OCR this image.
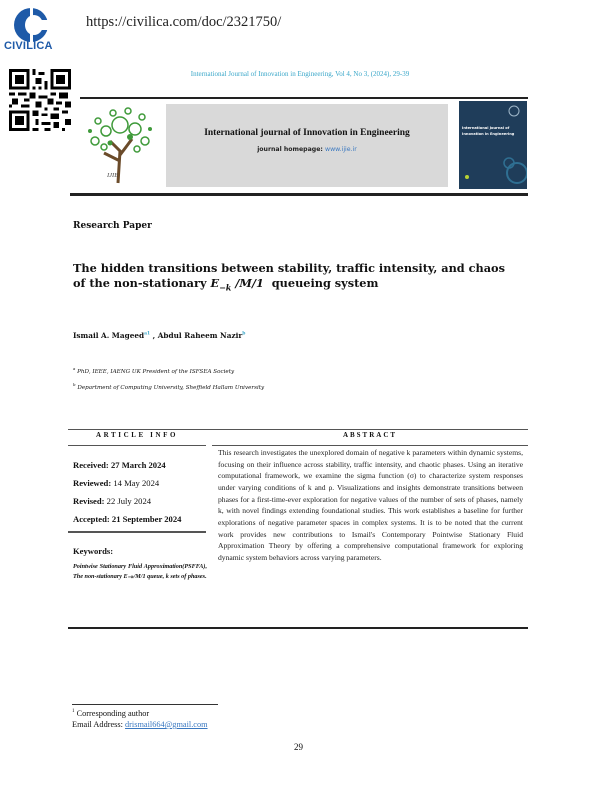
CIVILICA
https://civilica.com/doc/2321750/
International Journal of Innovation in Engineering, Vol 4, No 3, (2024), 29-39
IJIE
International journal of Innovation in Engineering
journal homepage: www.ijie.ir
International Journal of Innovation in Engineering
Research Paper
The hidden transitions between stability, traffic intensity, and chaos
of the non-stationary $E_{-k}$ /M/1  queueing system
Ismail A. Mageed$^{a1}$ , Abdul Raheem Nazir$^b$
$^a$ PhD, IEEE, IAENG UK President of the ISFSEA Society
$^b$ Department of Computing University, Sheffield Hallam University
ARTICLE INFO	ABSTRACT
Received: 27 March 2024
Reviewed: 14 May 2024
Revised: 22 July 2024
Accepted: 21 September 2024
Keywords:
Pointwise Stationary Fluid Approximation(PSFFA), The non-stationary E₋ₖ/M/1 queue, k sets of phases.
This research investigates the unexplored domain of negative k parameters within dynamic systems, focusing on their influence across stability, traffic intensity, and chaotic phases. Using an iterative computational framework, we examine the sigma function (σ) to characterize system responses under varying conditions of k and ρ. Visualizations and insights demonstrate transitions between phases for a first-time-ever exploration for negative values of the number of sets of phases, namely k, with novel findings extending foundational studies. This work establishes a baseline for further explorations of negative parameter spaces in complex systems. It is to be noted that the current work provides new contributions to Ismail's Contemporary Pointwise Stationary Fluid Approximation Theory by offering a comprehensive computational framework for exploring dynamic system behaviors across varying parameters.
$^1$ Corresponding author
Email Address: drismail664@gmail.com
29
